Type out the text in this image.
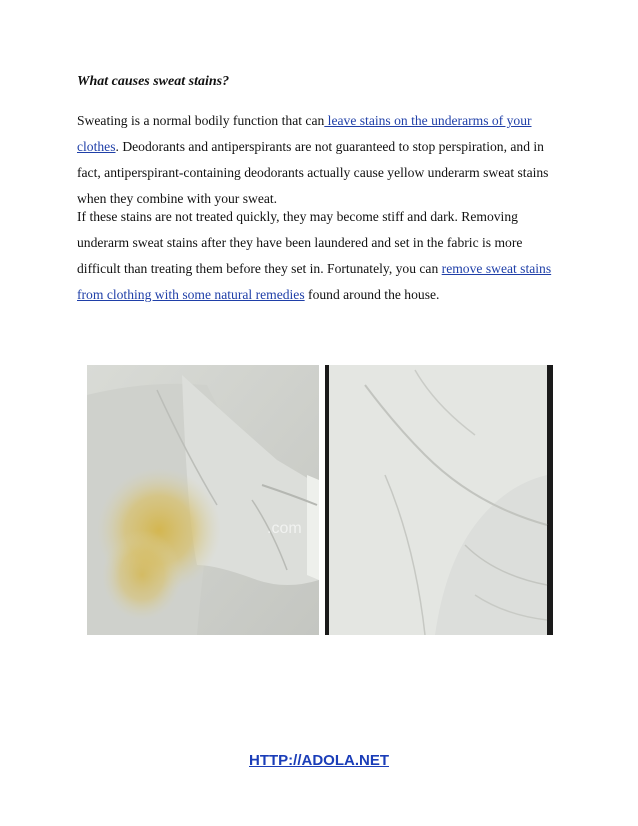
What causes sweat stains?

Sweating is a normal bodily function that can leave stains on the underarms of your clothes. Deodorants and antiperspirants are not guaranteed to stop perspiration, and in fact, antiperspirant-containing deodorants actually cause yellow underarm sweat stains when they combine with your sweat.

If these stains are not treated quickly, they may become stiff and dark. Removing underarm sweat stains after they have been laundered and set in the fabric is more difficult than treating them before they set in. Fortunately, you can remove sweat stains from clothing with some natural remedies found around the house.

.com
HTTP://ADOLA.NET
